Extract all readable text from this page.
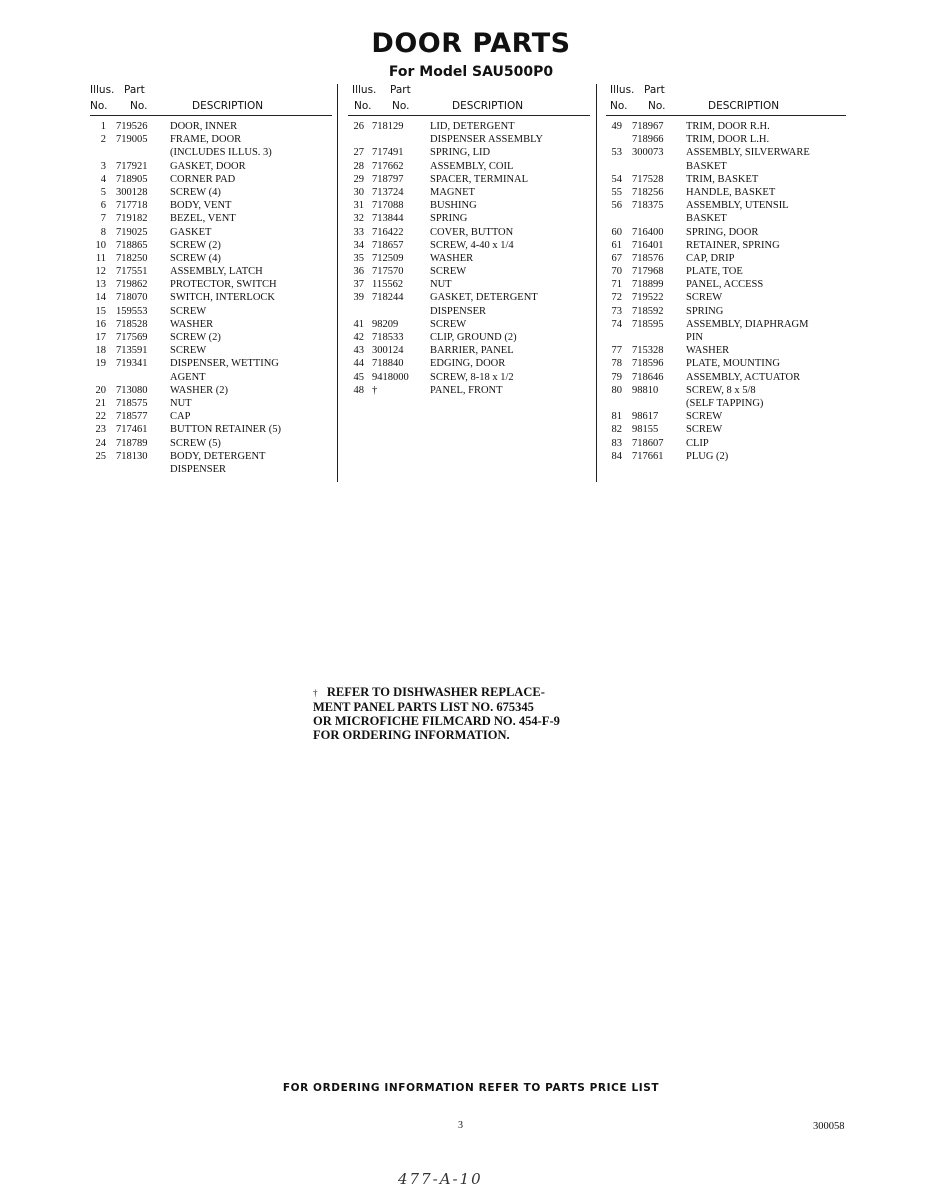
DOOR PARTS
For Model SAU500P0
Illus. Part
No. No.	DESCRIPTION
1 719526 DOOR, INNER
2 719005 FRAME, DOOR
(INCLUDES ILLUS. 3)
3 717921 GASKET, DOOR
4 718905 CORNER PAD
5 300128 SCREW (4)
6 717718 BODY, VENT
7 719182 BEZEL, VENT
8 719025 GASKET
10 718865 SCREW (2)
11 718250 SCREW (4)
12 717551 ASSEMBLY, LATCH
13 719862 PROTECTOR, SWITCH
14 718070 SWITCH, INTERLOCK
15 159553 SCREW
16 718528 WASHER
17 717569 SCREW (2)
18 713591 SCREW
19 719341 DISPENSER, WETTING
AGENT
20 713080 WASHER (2)
21 718575 NUT
22 718577 CAP
23 717461 BUTTON RETAINER (5)
24 718789 SCREW (5)
25 718130 BODY, DETERGENT
DISPENSER
Illus. Part
No. No.	DESCRIPTION
26 718129	LID, DETERGENT
DISPENSER ASSEMBLY
27 717491	SPRING, LID
28 717662	ASSEMBLY, COIL
29 718797	SPACER, TERMINAL
30 713724	MAGNET
31 717088	BUSHING
32 713844	SPRING
33 716422	COVER, BUTTON
34 718657	SCREW, 4-40 x 1/4
35 712509	WASHER
36 717570	SCREW
37 115562	NUT
39 718244	GASKET, DETERGENT
DISPENSER
41 98209	SCREW
42 718533	CLIP, GROUND (2)
43 300124	BARRIER, PANEL
44 718840	EDGING, DOOR
45 9418000 SCREW, 8-18 x 1/2
48 †	PANEL, FRONT
Illus. Part
No. No.	DESCRIPTION
49 718967 TRIM, DOOR R.H.
718966 TRIM, DOOR L.H.
53 300073 ASSEMBLY, SILVERWARE
BASKET
54 717528 TRIM, BASKET
55 718256 HANDLE, BASKET
56 718375 ASSEMBLY, UTENSIL
BASKET
60 716400 SPRING, DOOR
61 716401 RETAINER, SPRING
67 718576 CAP, DRIP
70 717968 PLATE, TOE
71 718899 PANEL, ACCESS
72 719522 SCREW
73 718592 SPRING
74 718595 ASSEMBLY, DIAPHRAGM
PIN
77 715328 WASHER
78 718596 PLATE, MOUNTING
79 718646 ASSEMBLY, ACTUATOR
80 98810	SCREW, 8 x 5/8
(SELF TAPPING)
81 98617	SCREW
82 98155	SCREW
83 718607 CLIP
84 717661 PLUG (2)
† REFER TO DISHWASHER REPLACE-
MENT PANEL PARTS LIST NO. 675345
OR MICROFICHE FILMCARD NO. 454-F-9
FOR ORDERING INFORMATION.
FOR ORDERING INFORMATION REFER TO PARTS PRICE LIST
3	300058
477-A-10
